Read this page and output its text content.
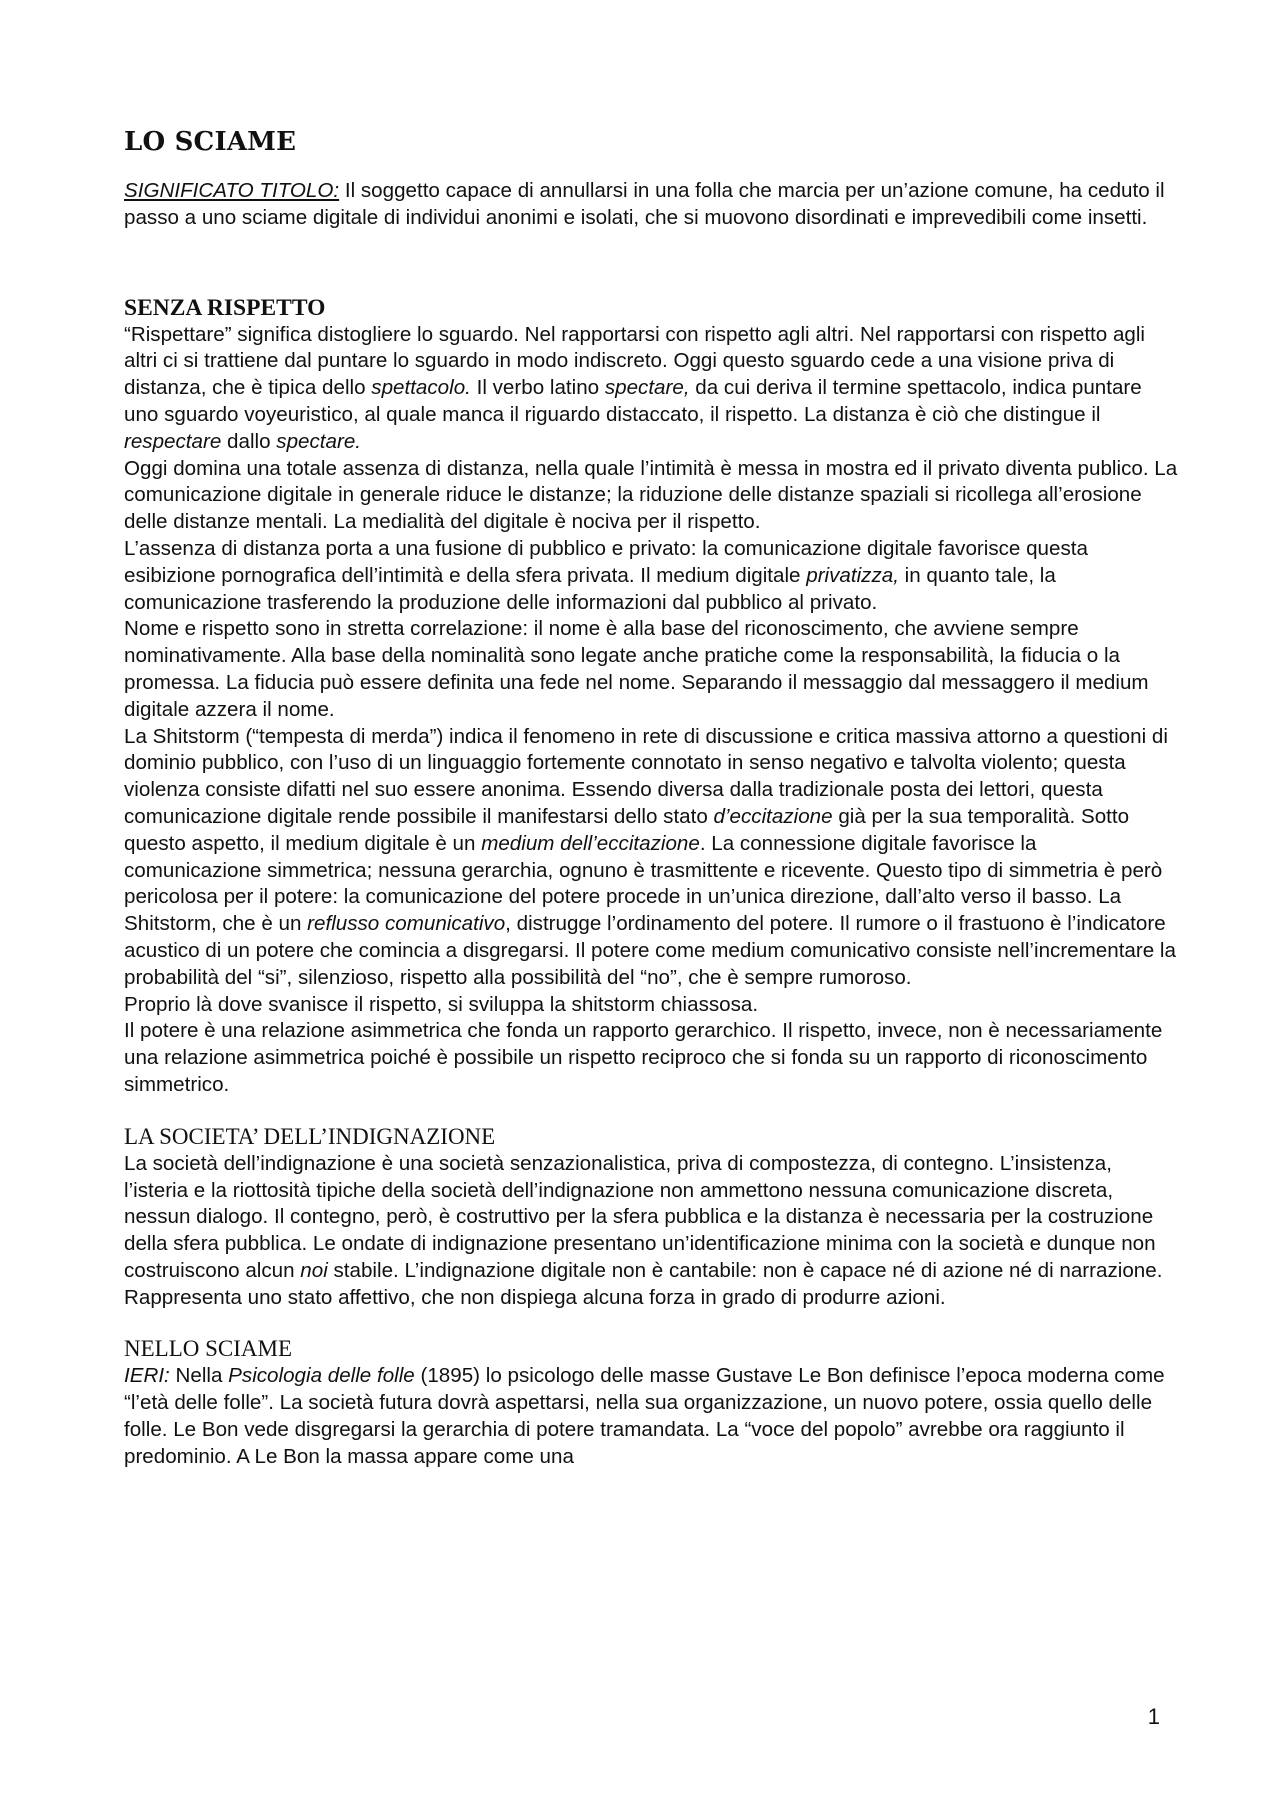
LO SCIAME

SIGNIFICATO TITOLO: Il soggetto capace di annullarsi in una folla che marcia per un’azione comune, ha ceduto il passo a uno sciame digitale di individui anonimi e isolati, che si muovono disordinati e imprevedibili come insetti.

SENZA RISPETTO

“Rispettare” significa distogliere lo sguardo. Nel rapportarsi con rispetto agli altri. Nel rapportarsi con rispetto agli altri ci si trattiene dal puntare lo sguardo in modo indiscreto. Oggi questo sguardo cede a una visione priva di distanza, che è tipica dello spettacolo. Il verbo latino spectare, da cui deriva il termine spettacolo, indica puntare uno sguardo voyeuristico, al quale manca il riguardo distaccato, il rispetto. La distanza è ciò che distingue il respectare dallo spectare.

Oggi domina una totale assenza di distanza, nella quale l’intimità è messa in mostra ed il privato diventa publico. La comunicazione digitale in generale riduce le distanze; la riduzione delle distanze spaziali si ricollega all’erosione delle distanze mentali. La medialità del digitale è nociva per il rispetto.

L’assenza di distanza porta a una fusione di pubblico e privato: la comunicazione digitale favorisce questa esibizione pornografica dell’intimità e della sfera privata. Il medium digitale privatizza, in quanto tale, la comunicazione trasferendo la produzione delle informazioni dal pubblico al privato.

Nome e rispetto sono in stretta correlazione: il nome è alla base del riconoscimento, che avviene sempre nominativamente. Alla base della nominalità sono legate anche pratiche come la responsabilità, la fiducia o la promessa. La fiducia può essere definita una fede nel nome. Separando il messaggio dal messaggero il medium digitale azzera il nome.

La Shitstorm (“tempesta di merda”) indica il fenomeno in rete di discussione e critica massiva attorno a questioni di dominio pubblico, con l’uso di un linguaggio fortemente connotato in senso negativo e talvolta violento; questa violenza consiste difatti nel suo essere anonima. Essendo diversa dalla tradizionale posta dei lettori, questa comunicazione digitale rende possibile il manifestarsi dello stato d’eccitazione già per la sua temporalità. Sotto questo aspetto, il medium digitale è un medium dell’eccitazione. La connessione digitale favorisce la comunicazione simmetrica; nessuna gerarchia, ognuno è trasmittente e ricevente. Questo tipo di simmetria è però pericolosa per il potere: la comunicazione del potere procede in un’unica direzione, dall’alto verso il basso. La Shitstorm, che è un reflusso comunicativo, distrugge l’ordinamento del potere. Il rumore o il frastuono è l’indicatore acustico di un potere che comincia a disgregarsi. Il potere come medium comunicativo consiste nell’incrementare la probabilità del “si”, silenzioso, rispetto alla possibilità del “no”, che è sempre rumoroso.

Proprio là dove svanisce il rispetto, si sviluppa la shitstorm chiassosa.

Il potere è una relazione asimmetrica che fonda un rapporto gerarchico. Il rispetto, invece, non è necessariamente una relazione asimmetrica poiché è possibile un rispetto reciproco che si fonda su un rapporto di riconoscimento simmetrico.

LA SOCIETA’ DELL’INDIGNAZIONE

La società dell’indignazione è una società senzazionalistica, priva di compostezza, di contegno. L’insistenza, l’isteria e la riottosità tipiche della società dell’indignazione non ammettono nessuna comunicazione discreta, nessun dialogo. Il contegno, però, è costruttivo per la sfera pubblica e la distanza è necessaria per la costruzione della sfera pubblica. Le ondate di indignazione presentano un’identificazione minima con la società e dunque non costruiscono alcun noi stabile. L’indignazione digitale non è cantabile: non è capace né di azione né di narrazione. Rappresenta uno stato affettivo, che non dispiega alcuna forza in grado di produrre azioni.

NELLO SCIAME

IERI: Nella Psicologia delle folle (1895) lo psicologo delle masse Gustave Le Bon definisce l’epoca moderna come “l’età delle folle”. La società futura dovrà aspettarsi, nella sua organizzazione, un nuovo potere, ossia quello delle folle. Le Bon vede disgregarsi la gerarchia di potere tramandata. La “voce del popolo” avrebbe ora raggiunto il predominio. A Le Bon la massa appare come una

1
